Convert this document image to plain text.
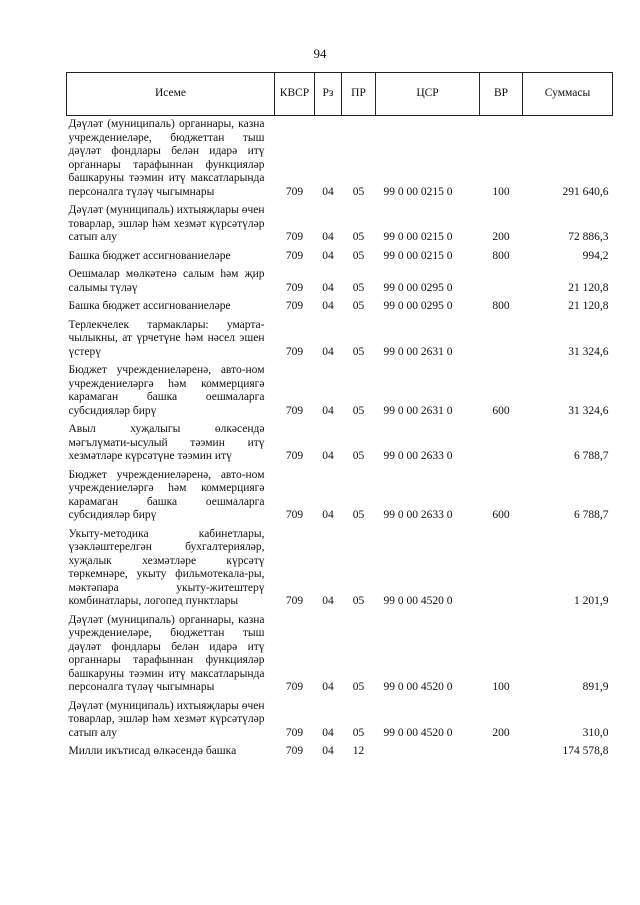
94
Исеме	КВСР	Рз	ПР	ЦСР	ВР	Суммасы

Дәүләт (муниципаль) органнары, казна учреждениеләре, бюджеттан тыш дәүләт фондлары белән идарә итү органнары тарафыннан функцияләр башкаруны тәэмин итү максатларында персоналга түләү чыгымнары	709	04	05	99 0 00 0215 0	100	291 640,6

Дәүләт (муниципаль) ихтыяҗлары өчен товарлар, эшләр һәм хезмәт күрсәтүләр сатып алу	709	04	05	99 0 00 0215 0	200	72 886,3

Башка бюджет ассигнованиеләре	709	04	05	99 0 00 0215 0	800	994,2

Оешмалар мөлкәтенә салым һәм җир салымы түләү	709	04	05	99 0 00 0295 0		21 120,8

Башка бюджет ассигнованиеләре	709	04	05	99 0 00 0295 0	800	21 120,8

Терлекчелек тармаклары: умарта-чылыкны, ат үрчетүне һәм нәсел эшен үстерү	709	04	05	99 0 00 2631 0		31 324,6

Бюджет учреждениеләренә, авто-ном учреждениеләргә һәм коммерциягә карамаган башка оешмаларга субсидияләр бирү	709	04	05	99 0 00 2631 0	600	31 324,6

Авыл хуҗалыгы өлкәсендә мәгълүмати-ысулый тәэмин итү хезмәтләре күрсәтүне тәэмин итү	709	04	05	99 0 00 2633 0		6 788,7

Бюджет учреждениеләренә, авто-ном учреждениеләргә һәм коммерциягә карамаган башка оешмаларга субсидияләр бирү	709	04	05	99 0 00 2633 0	600	6 788,7

Укыту-методика кабинетлары, үзәкләштерелгән бухгалтерияләр, хуҗалык хезмәтләре күрсәтү төркемнәре, укыту фильмотекала-ры, мәктәпара укыту-житештерү комбинатлары, логопед пунктлары	709	04	05	99 0 00 4520 0		1 201,9

Дәүләт (муниципаль) органнары, казна учреждениеләре, бюджеттан тыш дәүләт фондлары белән идарә итү органнары тарафыннан функцияләр башкаруны тәэмин итү максатларында персоналга түләү чыгымнары	709	04	05	99 0 00 4520 0	100	891,9

Дәүләт (муниципаль) ихтыяҗлары өчен товарлар, эшләр һәм хезмәт күрсәтүләр сатып алу	709	04	05	99 0 00 4520 0	200	310,0

Милли икътисад өлкәсендә башка	709	04	12			174 578,8
